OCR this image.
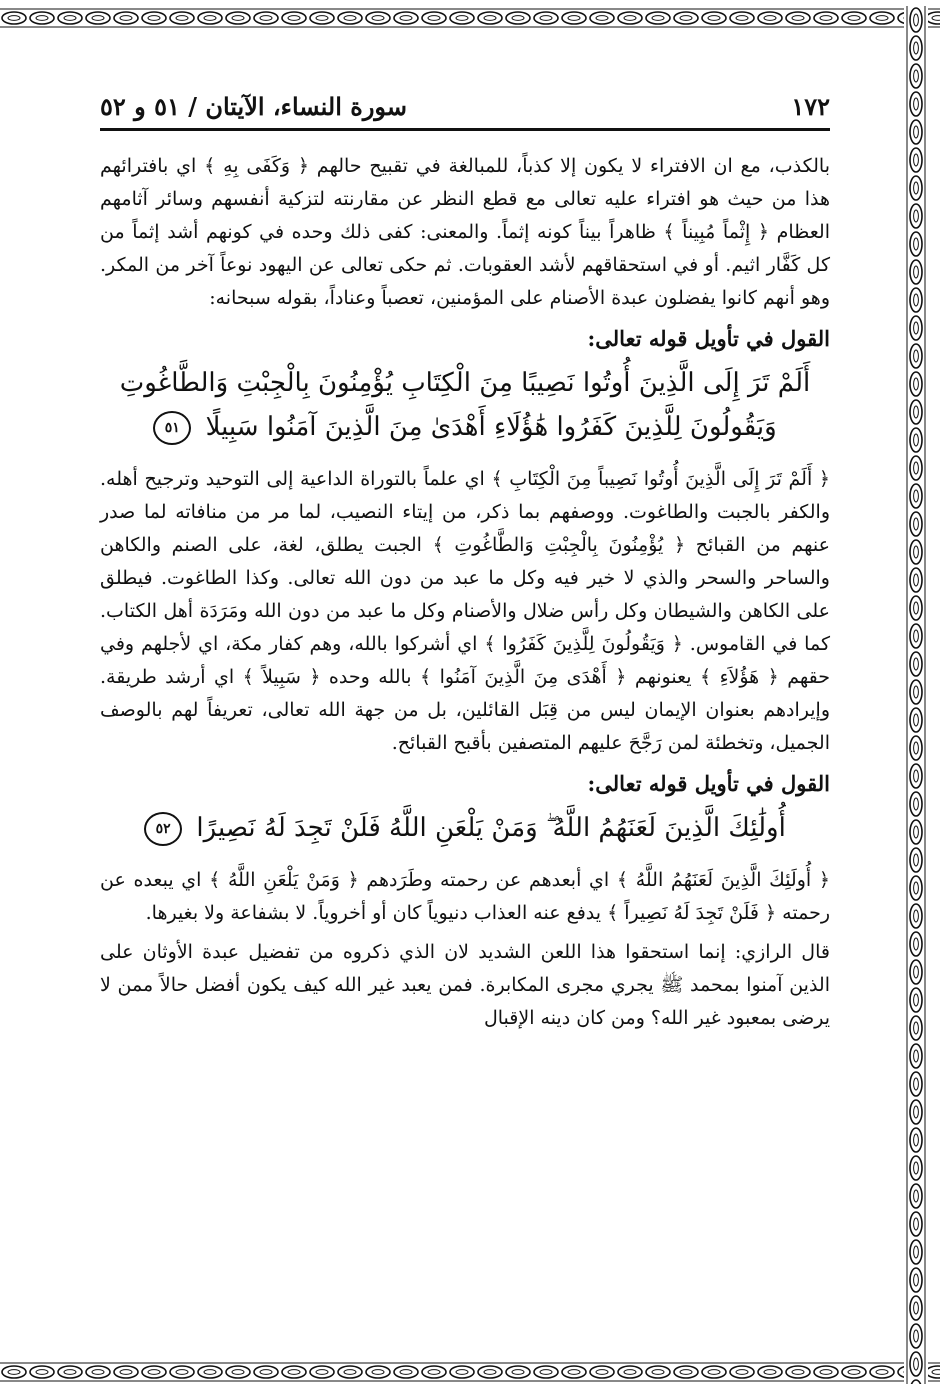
١٧٢
سورة النساء، الآيتان / ٥١ و ٥٢

بالكذب، مع ان الافتراء لا يكون إلا كذباً، للمبالغة في تقبيح حالهم ﴿ وَكَفَى بِهِ ﴾ اي بافترائهم هذا من حيث هو افتراء عليه تعالى مع قطع النظر عن مقارنته لتزكية أنفسهم وسائر آثامهم العظام ﴿ إِثْماً مُبِيناً ﴾ ظاهراً بيناً كونه إثماً. والمعنى: كفى ذلك وحده في كونهم أشد إثماً من كل كَفَّار اثيم. أو في استحقاقهم لأشد العقوبات. ثم حكى تعالى عن اليهود نوعاً آخر من المكر. وهو أنهم كانوا يفضلون عبدة الأصنام على المؤمنين، تعصباً وعناداً، بقوله سبحانه:

القول في تأويل قوله تعالى:
أَلَمْ تَرَ إِلَى الَّذِينَ أُوتُوا نَصِيبًا مِنَ الْكِتَابِ يُؤْمِنُونَ بِالْجِبْتِ وَالطَّاغُوتِ
وَيَقُولُونَ لِلَّذِينَ كَفَرُوا هَٰؤُلَاءِ أَهْدَىٰ مِنَ الَّذِينَ آمَنُوا سَبِيلًا ٥١

﴿ أَلَمْ تَرَ إِلَى الَّذِينَ أُوتُوا نَصِيباً مِنَ الْكِتَابِ ﴾ اي علماً بالتوراة الداعية إلى التوحيد وترجيح أهله. والكفر بالجبت والطاغوت. ووصفهم بما ذكر، من إيتاء النصيب، لما مر من منافاته لما صدر عنهم من القبائح ﴿ يُؤْمِنُونَ بِالْجِبْتِ وَالطَّاغُوتِ ﴾ الجبت يطلق، لغة، على الصنم والكاهن والساحر والسحر والذي لا خير فيه وكل ما عبد من دون الله تعالى. وكذا الطاغوت. فيطلق على الكاهن والشيطان وكل رأس ضلال والأصنام وكل ما عبد من دون الله ومَرَدَة أهل الكتاب. كما في القاموس. ﴿ وَيَقُولُونَ لِلَّذِينَ كَفَرُوا ﴾ اي أشركوا بالله، وهم كفار مكة، اي لأجلهم وفي حقهم ﴿ هَؤُلاَءِ ﴾ يعنونهم ﴿ أَهْدَى مِنَ الَّذِينَ آمَنُوا ﴾ بالله وحده ﴿ سَبِيلاً ﴾ اي أرشد طريقة. وإيرادهم بعنوان الإيمان ليس من قِبَل القائلين، بل من جهة الله تعالى، تعريفاً لهم بالوصف الجميل، وتخطئة لمن رَجَّحَ عليهم المتصفين بأقبح القبائح.

القول في تأويل قوله تعالى:
أُولَٰئِكَ الَّذِينَ لَعَنَهُمُ اللَّهُ ۖ وَمَنْ يَلْعَنِ اللَّهُ فَلَنْ تَجِدَ لَهُ نَصِيرًا ٥٢

﴿ أُولَئِكَ الَّذِينَ لَعَنَهُمُ اللَّهُ ﴾ اي أبعدهم عن رحمته وطَرَدهم ﴿ وَمَنْ يَلْعَنِ اللَّهُ ﴾ اي يبعده عن رحمته ﴿ فَلَنْ تَجِدَ لَهُ نَصِيراً ﴾ يدفع عنه العذاب دنيوياً كان أو أخروياً. لا بشفاعة ولا بغيرها.

قال الرازي: إنما استحقوا هذا اللعن الشديد لان الذي ذكروه من تفضيل عبدة الأوثان على الذين آمنوا بمحمد ﷺ يجري مجرى المكابرة. فمن يعبد غير الله كيف يكون أفضل حالاً ممن لا يرضى بمعبود غير الله؟ ومن كان دينه الإقبال
